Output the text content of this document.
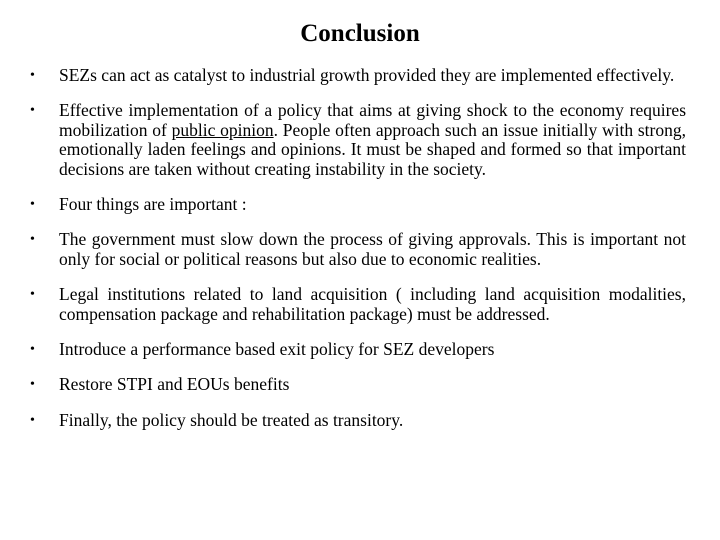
Conclusion
• SEZs can act as catalyst to industrial growth provided they are implemented effectively.
• Effective implementation of a policy that aims at giving shock to the economy requires mobilization of public opinion. People often approach such an issue initially with strong, emotionally laden feelings and opinions. It must be shaped and formed so that important decisions are taken without creating instability in the society.
• Four things are important :
• The government must slow down the process of giving approvals. This is important not only for social or political reasons but also due to economic realities.
• Legal institutions related to land acquisition ( including land acquisition modalities, compensation package and rehabilitation package) must be addressed.
• Introduce a performance based exit policy for SEZ developers
• Restore STPI and EOUs benefits
• Finally, the policy should be treated as transitory.
